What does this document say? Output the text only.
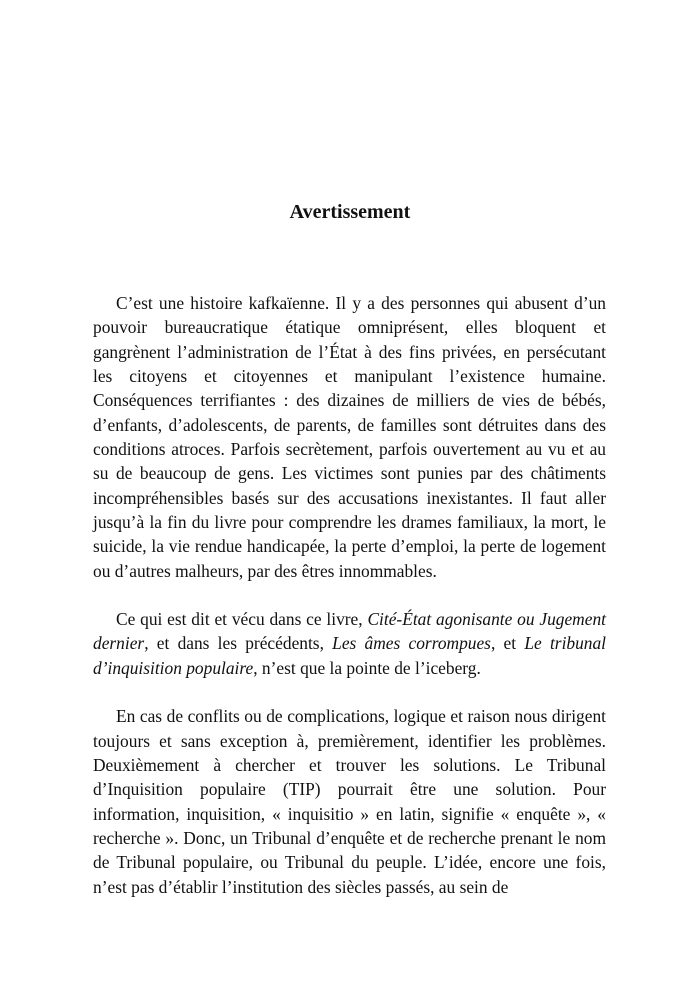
Avertissement

C’est une histoire kafkaïenne. Il y a des personnes qui abusent d’un pouvoir bureaucratique étatique omniprésent, elles bloquent et gangrènent l’administration de l’État à des fins privées, en persécutant les citoyens et citoyennes et manipulant l’existence humaine. Conséquences terrifiantes : des dizaines de milliers de vies de bébés, d’enfants, d’adolescents, de parents, de familles sont détruites dans des conditions atroces. Parfois secrètement, parfois ouvertement au vu et au su de beaucoup de gens. Les victimes sont punies par des châtiments incompréhensibles basés sur des accusations inexistantes. Il faut aller jusqu’à la fin du livre pour comprendre les drames familiaux, la mort, le suicide, la vie rendue handicapée, la perte d’emploi, la perte de logement ou d’autres malheurs, par des êtres innommables.

Ce qui est dit et vécu dans ce livre, Cité-État agonisante ou Jugement dernier, et dans les précédents, Les âmes corrompues, et Le tribunal d’inquisition populaire, n’est que la pointe de l’iceberg.

En cas de conflits ou de complications, logique et raison nous dirigent toujours et sans exception à, premièrement, identifier les problèmes. Deuxièmement à chercher et trouver les solutions. Le Tribunal d’Inquisition populaire (TIP) pourrait être une solution. Pour information, inquisition, « inquisitio » en latin, signifie « enquête », « recherche ». Donc, un Tribunal d’enquête et de recherche prenant le nom de Tribunal populaire, ou Tribunal du peuple. L’idée, encore une fois, n’est pas d’établir l’institution des siècles passés, au sein de
